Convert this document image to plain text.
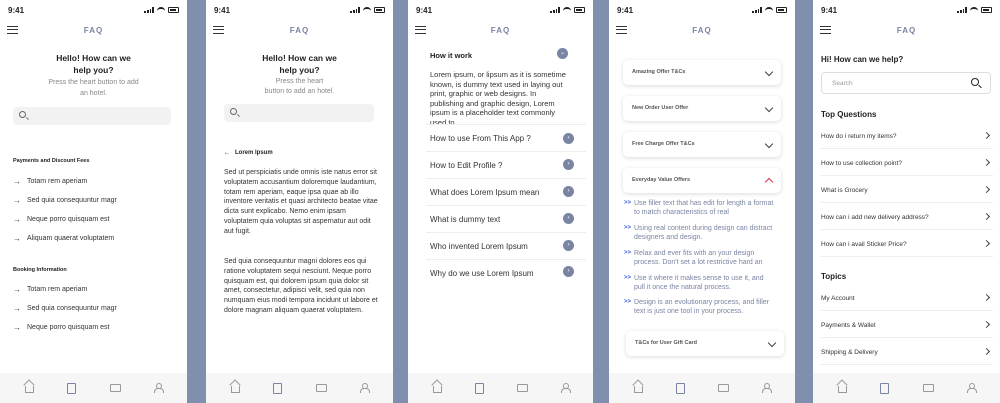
9:41
FAQ
Hello! How can we
help you?
Press the heart button to add
an hotel.
Payments and Discount Fees
→ Totam rem aperiam
→ Sed quia consequuntur magr
→ Neque porro quisquam est
→ Aliquam quaerat voluptatem
Booking Information
→ Totam rem aperiam
→ Sed quia consequuntur magr
→ Neque porro quisquam est
9:41
FAQ
Hello! How can we
help you?
Press the heart
button to add an hotel.
← Lorem Ipsum
Sed ut perspiciatis unde omnis iste natus error sit voluptatem accusantium doloremque laudantium, totam rem aperiam, eaque ipsa quae ab illo inventore veritatis et quasi architecto beatae vitae dicta sunt explicabo. Nemo enim ipsam voluptatem quia voluptas sit aspernatur aut odit aut fugit.
Sed quia consequuntur magni dolores eos qui ratione voluptatem sequi nesciunt. Neque porro quisquam est, qui dolorem ipsum quia dolor sit amet, consectetur, adipisci velit, sed quia non numquam eius modi tempora incidunt ut labore et dolore magnam aliquam quaerat voluptatem.
9:41
FAQ
How it work	⌄
Lorem ipsum, or lipsum as it is sometime known, is dummy text used in laying out print, graphic or web designs. In publishing and graphic design, Lorem ipsum is a placeholder text commonly used to
How to use From This App ?	›
How to Edit Profile ?	›
What does Lorem Ipsum mean	›
What is dummy text	›
Who invented Lorem Ipsum	›
Why do we use Lorem Ipsum	›
9:41
FAQ
Amazing Offer T&Cs
New Order User Offer
Free Charge Offer T&Cs
Everyday Value Offers
>> Use filler text that has edit for length a format to match characteristics of real
>> Using real content during design can distract designers and design.
>> Relax and ever fits with an your design process. Don't set a lot restrictive hard an
>> Use it where it makes sense to use it, and pull it once the natural process.
>> Design is an evolutionary process, and filler text is just one tool in your process.
T&Cs for User Gift Card
9:41
FAQ
Hi! How can we help?
Search
Top Questions
How do i return my items?
How to use collection point?
What is Grocery
How can i add new delivery address?
How can i avail Sticker Price?
Topics
My Account
Payments & Wallet
Shipping & Delivery
